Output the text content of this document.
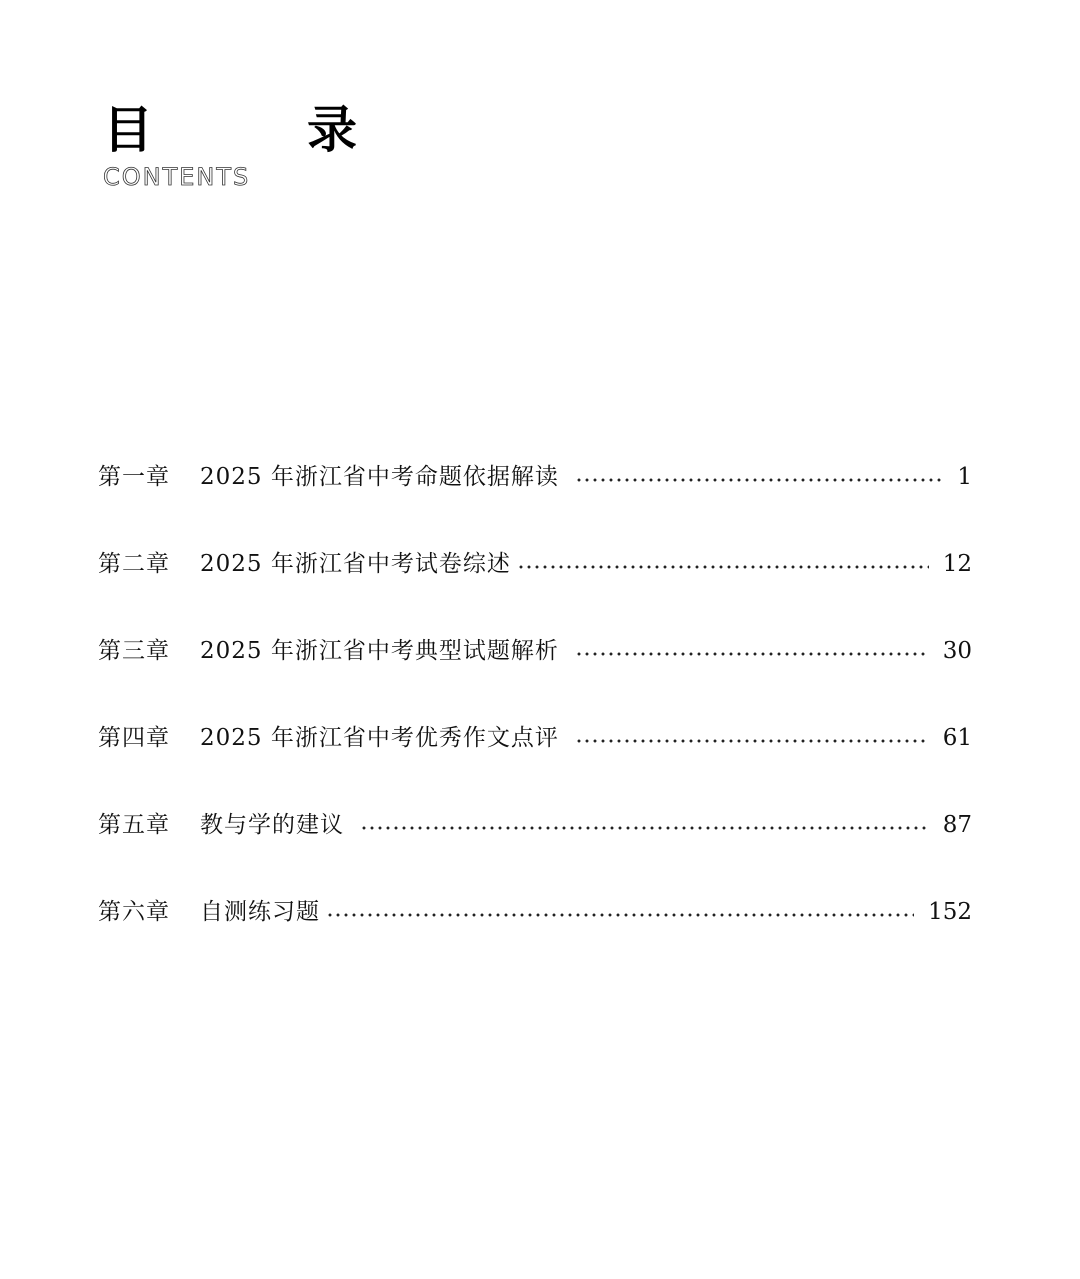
目　录
CONTENTS
第一章	2025 年浙江省中考命题依据解读	1
第二章	2025 年浙江省中考试卷综述	12
第三章	2025 年浙江省中考典型试题解析	30
第四章	2025 年浙江省中考优秀作文点评	61
第五章	教与学的建议	87
第六章	自测练习题	152
